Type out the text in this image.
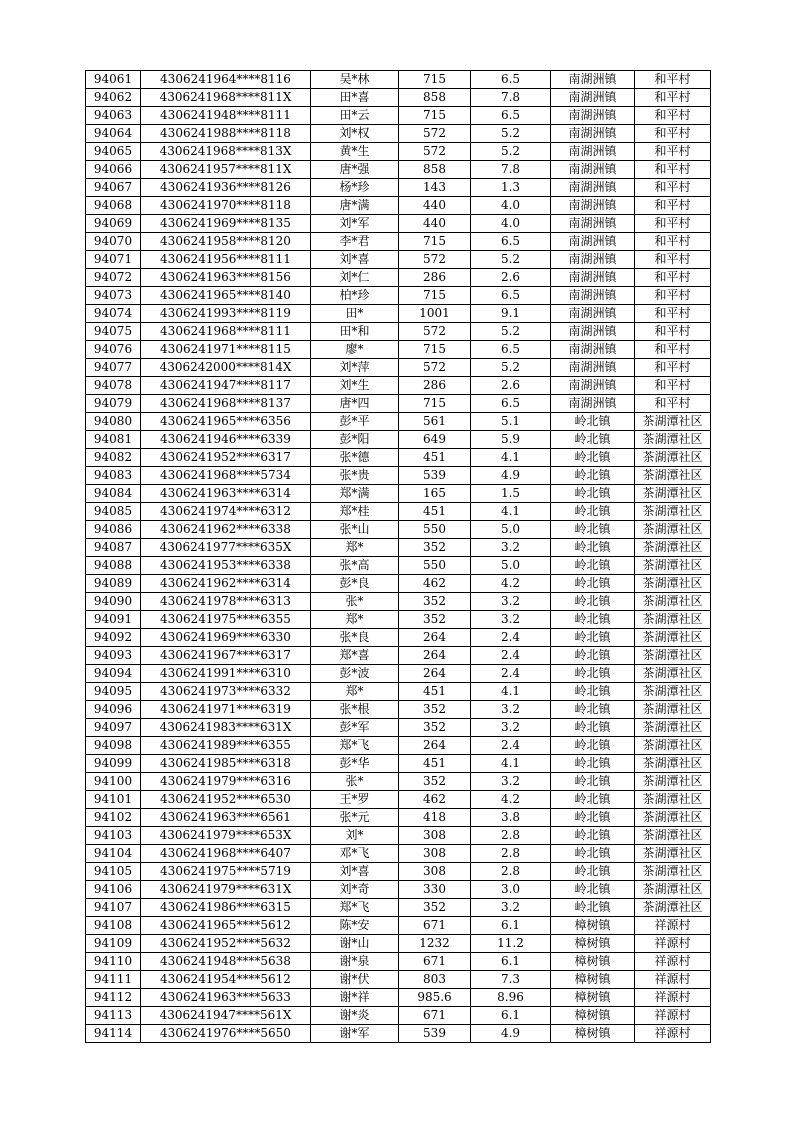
94061	4306241964****8116	吴*林	715	6.5	南湖洲镇	和平村
94062	4306241968****811X	田*喜	858	7.8	南湖洲镇	和平村
94063	4306241948****8111	田*云	715	6.5	南湖洲镇	和平村
94064	4306241988****8118	刘*权	572	5.2	南湖洲镇	和平村
94065	4306241968****813X	黄*生	572	5.2	南湖洲镇	和平村
94066	4306241957****811X	唐*强	858	7.8	南湖洲镇	和平村
94067	4306241936****8126	杨*珍	143	1.3	南湖洲镇	和平村
94068	4306241970****8118	唐*满	440	4.0	南湖洲镇	和平村
94069	4306241969****8135	刘*军	440	4.0	南湖洲镇	和平村
94070	4306241958****8120	李*君	715	6.5	南湖洲镇	和平村
94071	4306241956****8111	刘*喜	572	5.2	南湖洲镇	和平村
94072	4306241963****8156	刘*仁	286	2.6	南湖洲镇	和平村
94073	4306241965****8140	柏*珍	715	6.5	南湖洲镇	和平村
94074	4306241993****8119	田*	1001	9.1	南湖洲镇	和平村
94075	4306241968****8111	田*和	572	5.2	南湖洲镇	和平村
94076	4306241971****8115	廖*	715	6.5	南湖洲镇	和平村
94077	4306242000****814X	刘*萍	572	5.2	南湖洲镇	和平村
94078	4306241947****8117	刘*生	286	2.6	南湖洲镇	和平村
94079	4306241968****8137	唐*四	715	6.5	南湖洲镇	和平村
94080	4306241965****6356	彭*平	561	5.1	岭北镇	茶湖潭社区
94081	4306241946****6339	彭*阳	649	5.9	岭北镇	茶湖潭社区
94082	4306241952****6317	张*德	451	4.1	岭北镇	茶湖潭社区
94083	4306241968****5734	张*贵	539	4.9	岭北镇	茶湖潭社区
94084	4306241963****6314	郑*满	165	1.5	岭北镇	茶湖潭社区
94085	4306241974****6312	郑*桂	451	4.1	岭北镇	茶湖潭社区
94086	4306241962****6338	张*山	550	5.0	岭北镇	茶湖潭社区
94087	4306241977****635X	郑*	352	3.2	岭北镇	茶湖潭社区
94088	4306241953****6338	张*高	550	5.0	岭北镇	茶湖潭社区
94089	4306241962****6314	彭*良	462	4.2	岭北镇	茶湖潭社区
94090	4306241978****6313	张*	352	3.2	岭北镇	茶湖潭社区
94091	4306241975****6355	郑*	352	3.2	岭北镇	茶湖潭社区
94092	4306241969****6330	张*良	264	2.4	岭北镇	茶湖潭社区
94093	4306241967****6317	郑*喜	264	2.4	岭北镇	茶湖潭社区
94094	4306241991****6310	彭*波	264	2.4	岭北镇	茶湖潭社区
94095	4306241973****6332	郑*	451	4.1	岭北镇	茶湖潭社区
94096	4306241971****6319	张*根	352	3.2	岭北镇	茶湖潭社区
94097	4306241983****631X	彭*军	352	3.2	岭北镇	茶湖潭社区
94098	4306241989****6355	郑*飞	264	2.4	岭北镇	茶湖潭社区
94099	4306241985****6318	彭*华	451	4.1	岭北镇	茶湖潭社区
94100	4306241979****6316	张*	352	3.2	岭北镇	茶湖潭社区
94101	4306241952****6530	王*罗	462	4.2	岭北镇	茶湖潭社区
94102	4306241963****6561	张*元	418	3.8	岭北镇	茶湖潭社区
94103	4306241979****653X	刘*	308	2.8	岭北镇	茶湖潭社区
94104	4306241968****6407	邓*飞	308	2.8	岭北镇	茶湖潭社区
94105	4306241975****5719	刘*喜	308	2.8	岭北镇	茶湖潭社区
94106	4306241979****631X	刘*奇	330	3.0	岭北镇	茶湖潭社区
94107	4306241986****6315	郑*飞	352	3.2	岭北镇	茶湖潭社区
94108	4306241965****5612	陈*安	671	6.1	樟树镇	祥源村
94109	4306241952****5632	谢*山	1232	11.2	樟树镇	祥源村
94110	4306241948****5638	谢*泉	671	6.1	樟树镇	祥源村
94111	4306241954****5612	谢*伏	803	7.3	樟树镇	祥源村
94112	4306241963****5633	谢*祥	985.6	8.96	樟树镇	祥源村
94113	4306241947****561X	谢*炎	671	6.1	樟树镇	祥源村
94114	4306241976****5650	谢*军	539	4.9	樟树镇	祥源村
